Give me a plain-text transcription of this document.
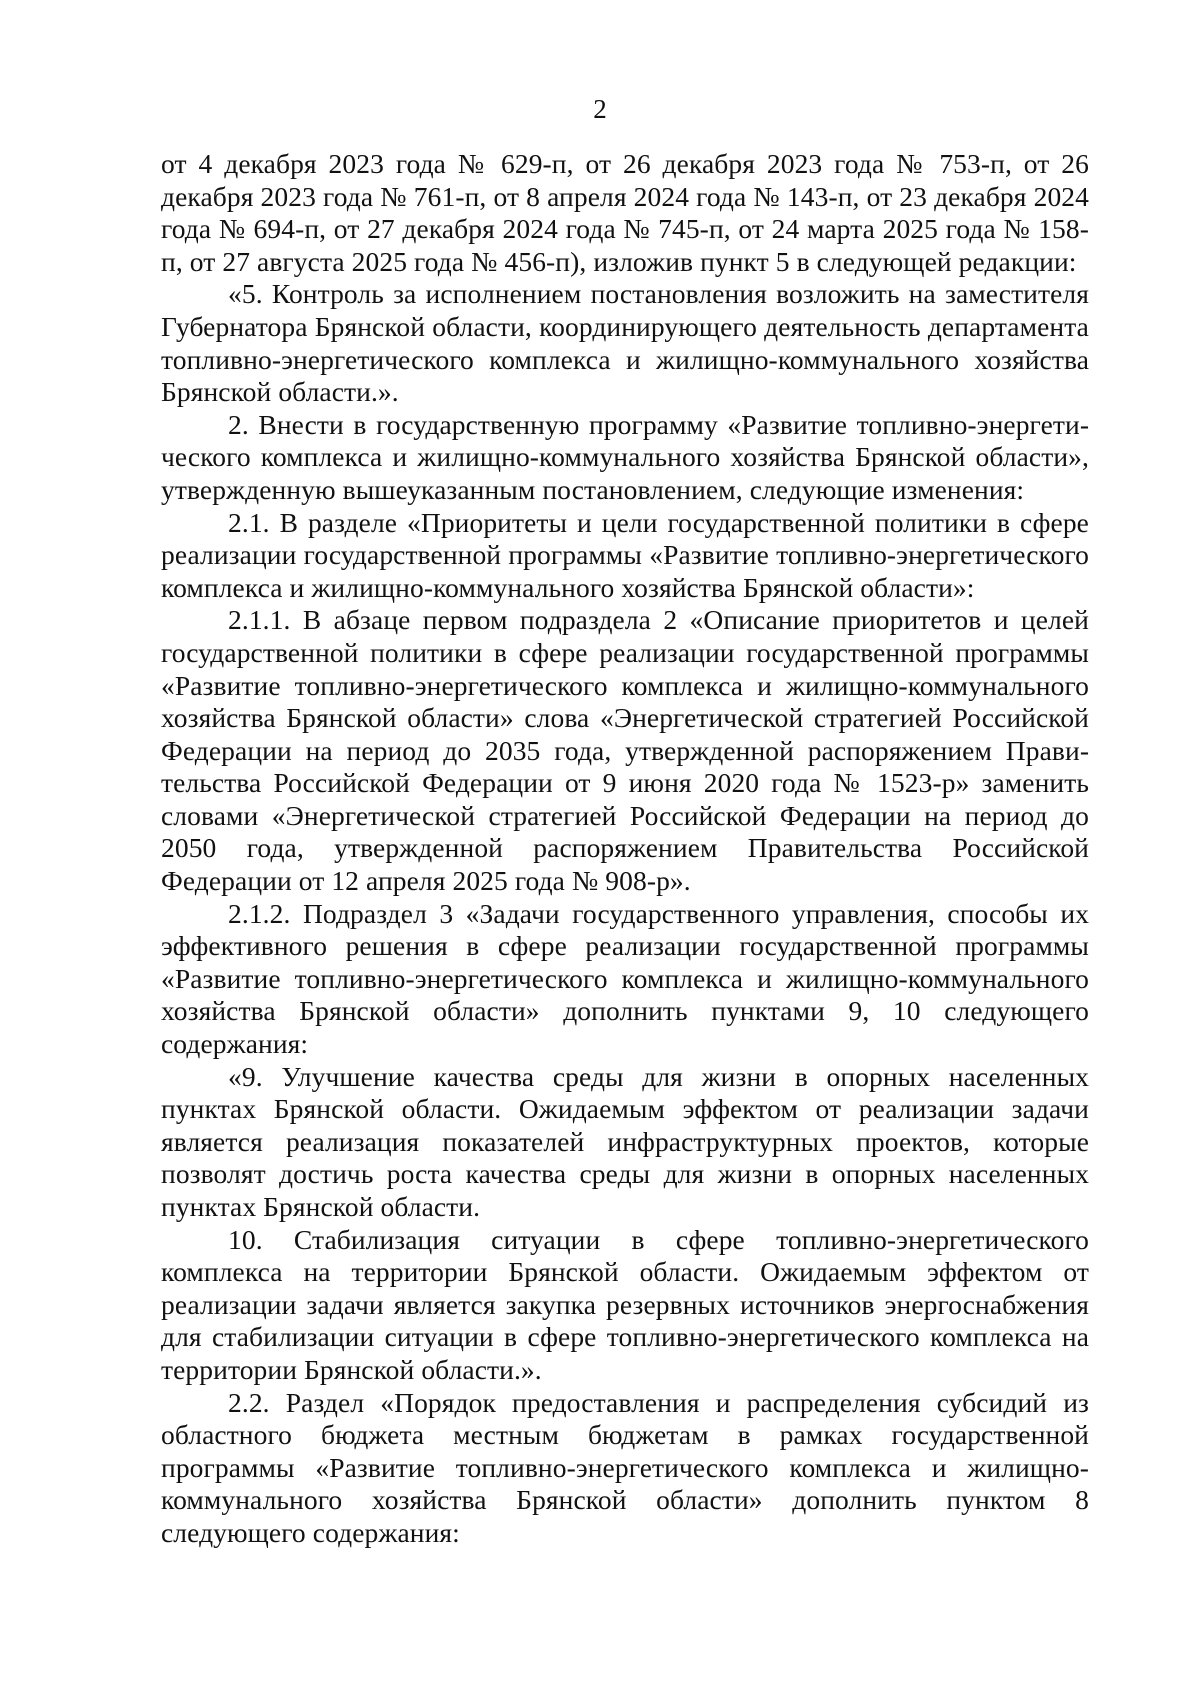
2

от 4 декабря 2023 года № 629-п, от 26 декабря 2023 года № 753-п, от 26 декабря 2023 года № 761-п, от 8 апреля 2024 года № 143-п, от 23 декабря 2024 года № 694-п, от 27 декабря 2024 года № 745-п, от 24 марта 2025 года № 158-п, от 27 августа 2025 года № 456-п), изложив пункт 5 в следующей редакции:

«5. Контроль за исполнением постановления возложить на заместителя Губернатора Брянской области, координирующего деятельность департамента топливно-энергетического комплекса и жилищно-коммунального хозяйства Брянской области.».

2. Внести в государственную программу «Развитие топливно-энергетического комплекса и жилищно-коммунального хозяйства Брянской области», утвержденную вышеуказанным постановлением, следующие изменения:

2.1. В разделе «Приоритеты и цели государственной политики в сфере реализации государственной программы «Развитие топливно-энергетического комплекса и жилищно-коммунального хозяйства Брянской области»:

2.1.1. В абзаце первом подраздела 2 «Описание приоритетов и целей государственной политики в сфере реализации государственной программы «Развитие топливно-энергетического комплекса и жилищно-коммунального хозяйства Брянской области» слова «Энергетической стратегией Российской Федерации на период до 2035 года, утвержденной распоряжением Правительства Российской Федерации от 9 июня 2020 года № 1523-р» заменить словами «Энергетической стратегией Российской Федерации на период до 2050 года, утвержденной распоряжением Правительства Российской Федерации от 12 апреля 2025 года № 908-р».

2.1.2. Подраздел 3 «Задачи государственного управления, способы их эффективного решения в сфере реализации государственной программы «Развитие топливно-энергетического комплекса и жилищно-коммунального хозяйства Брянской области» дополнить пунктами 9, 10 следующего содержания:

«9. Улучшение качества среды для жизни в опорных населенных пунктах Брянской области. Ожидаемым эффектом от реализации задачи является реализация показателей инфраструктурных проектов, которые позволят достичь роста качества среды для жизни в опорных населенных пунктах Брянской области.

10. Стабилизация ситуации в сфере топливно-энергетического комплекса на территории Брянской области. Ожидаемым эффектом от реализации задачи является закупка резервных источников энергоснабжения для стабилизации ситуации в сфере топливно-энергетического комплекса на территории Брянской области.».

2.2. Раздел «Порядок предоставления и распределения субсидий из областного бюджета местным бюджетам в рамках государственной программы «Развитие топливно-энергетического комплекса и жилищно-коммунального хозяйства Брянской области» дополнить пунктом 8 следующего содержания:
